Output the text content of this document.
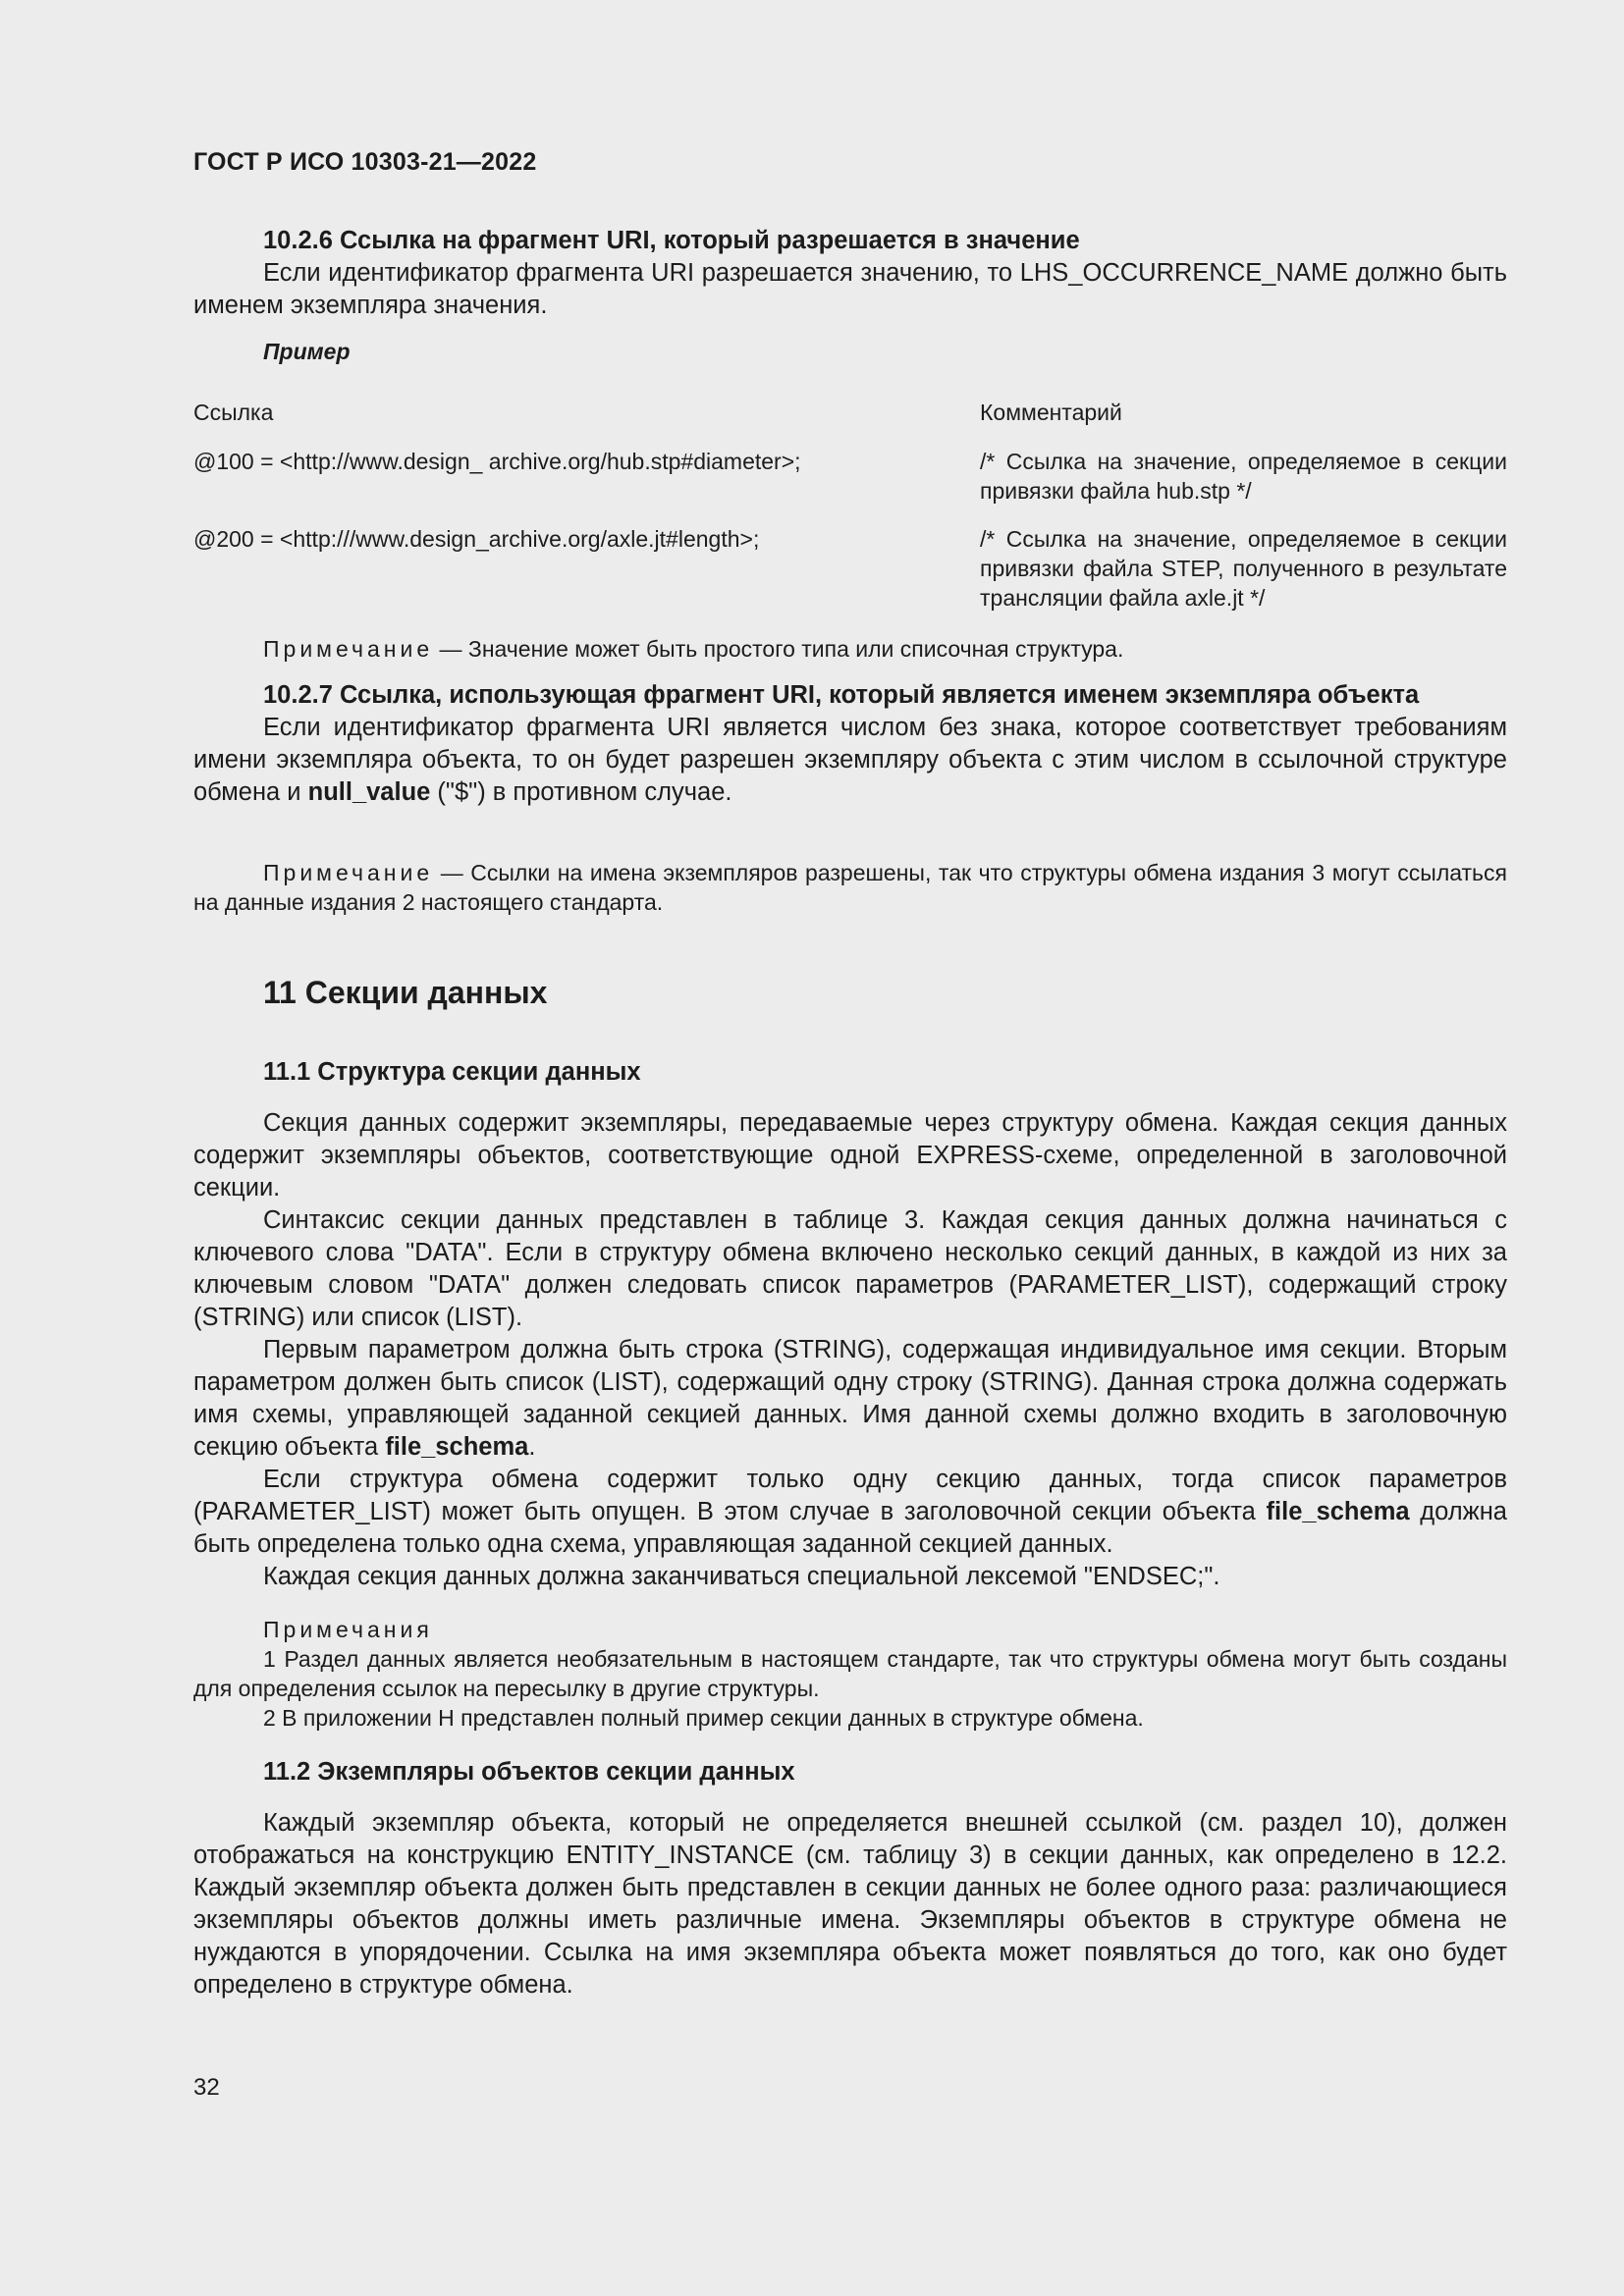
ГОСТ Р ИСО 10303-21—2022

10.2.6 Ссылка на фрагмент URI, который разрешается в значение

Если идентификатор фрагмента URI разрешается значению, то LHS_OCCURRENCE_NAME должно быть именем экземпляра значения.

Пример

Ссылка	Комментарий

@100 = <http://www.design_ archive.org/hub.stp#diameter>;	/* Ссылка на значение, определяемое в секции привязки файла hub.stp */

@200 = <http:///www.design_archive.org/axle.jt#length>;	/* Ссылка на значение, определяемое в секции привязки файла STEP, полученного в результате трансляции файла axle.jt */

Примечание — Значение может быть простого типа или списочная структура.

10.2.7 Ссылка, использующая фрагмент URI, который является именем экземпляра объекта

Если идентификатор фрагмента URI является числом без знака, которое соответствует требованиям имени экземпляра объекта, то он будет разрешен экземпляру объекта с этим числом в ссылочной структуре обмена и null_value ("$") в противном случае.

Примечание — Ссылки на имена экземпляров разрешены, так что структуры обмена издания 3 могут ссылаться на данные издания 2 настоящего стандарта.

11 Секции данных

11.1 Структура секции данных

Секция данных содержит экземпляры, передаваемые через структуру обмена. Каждая секция данных содержит экземпляры объектов, соответствующие одной EXPRESS-схеме, определенной в заголовочной секции.

Синтаксис секции данных представлен в таблице 3. Каждая секция данных должна начинаться с ключевого слова "DATA". Если в структуру обмена включено несколько секций данных, в каждой из них за ключевым словом "DATA" должен следовать список параметров (PARAMETER_LIST), содержащий строку (STRING) или список (LIST).

Первым параметром должна быть строка (STRING), содержащая индивидуальное имя секции. Вторым параметром должен быть список (LIST), содержащий одну строку (STRING). Данная строка должна содержать имя схемы, управляющей заданной секцией данных. Имя данной схемы должно входить в заголовочную секцию объекта file_schema.

Если структура обмена содержит только одну секцию данных, тогда список параметров (PARAMETER_LIST) может быть опущен. В этом случае в заголовочной секции объекта file_schema должна быть определена только одна схема, управляющая заданной секцией данных.

Каждая секция данных должна заканчиваться специальной лексемой "ENDSEC;".

Примечания

1 Раздел данных является необязательным в настоящем стандарте, так что структуры обмена могут быть созданы для определения ссылок на пересылку в другие структуры.

2 В приложении Н представлен полный пример секции данных в структуре обмена.

11.2 Экземпляры объектов секции данных

Каждый экземпляр объекта, который не определяется внешней ссылкой (см. раздел 10), должен отображаться на конструкцию ENTITY_INSTANCE (см. таблицу 3) в секции данных, как определено в 12.2. Каждый экземпляр объекта должен быть представлен в секции данных не более одного раза: различающиеся экземпляры объектов должны иметь различные имена. Экземпляры объектов в структуре обмена не нуждаются в упорядочении. Ссылка на имя экземпляра объекта может появляться до того, как оно будет определено в структуре обмена.

32
